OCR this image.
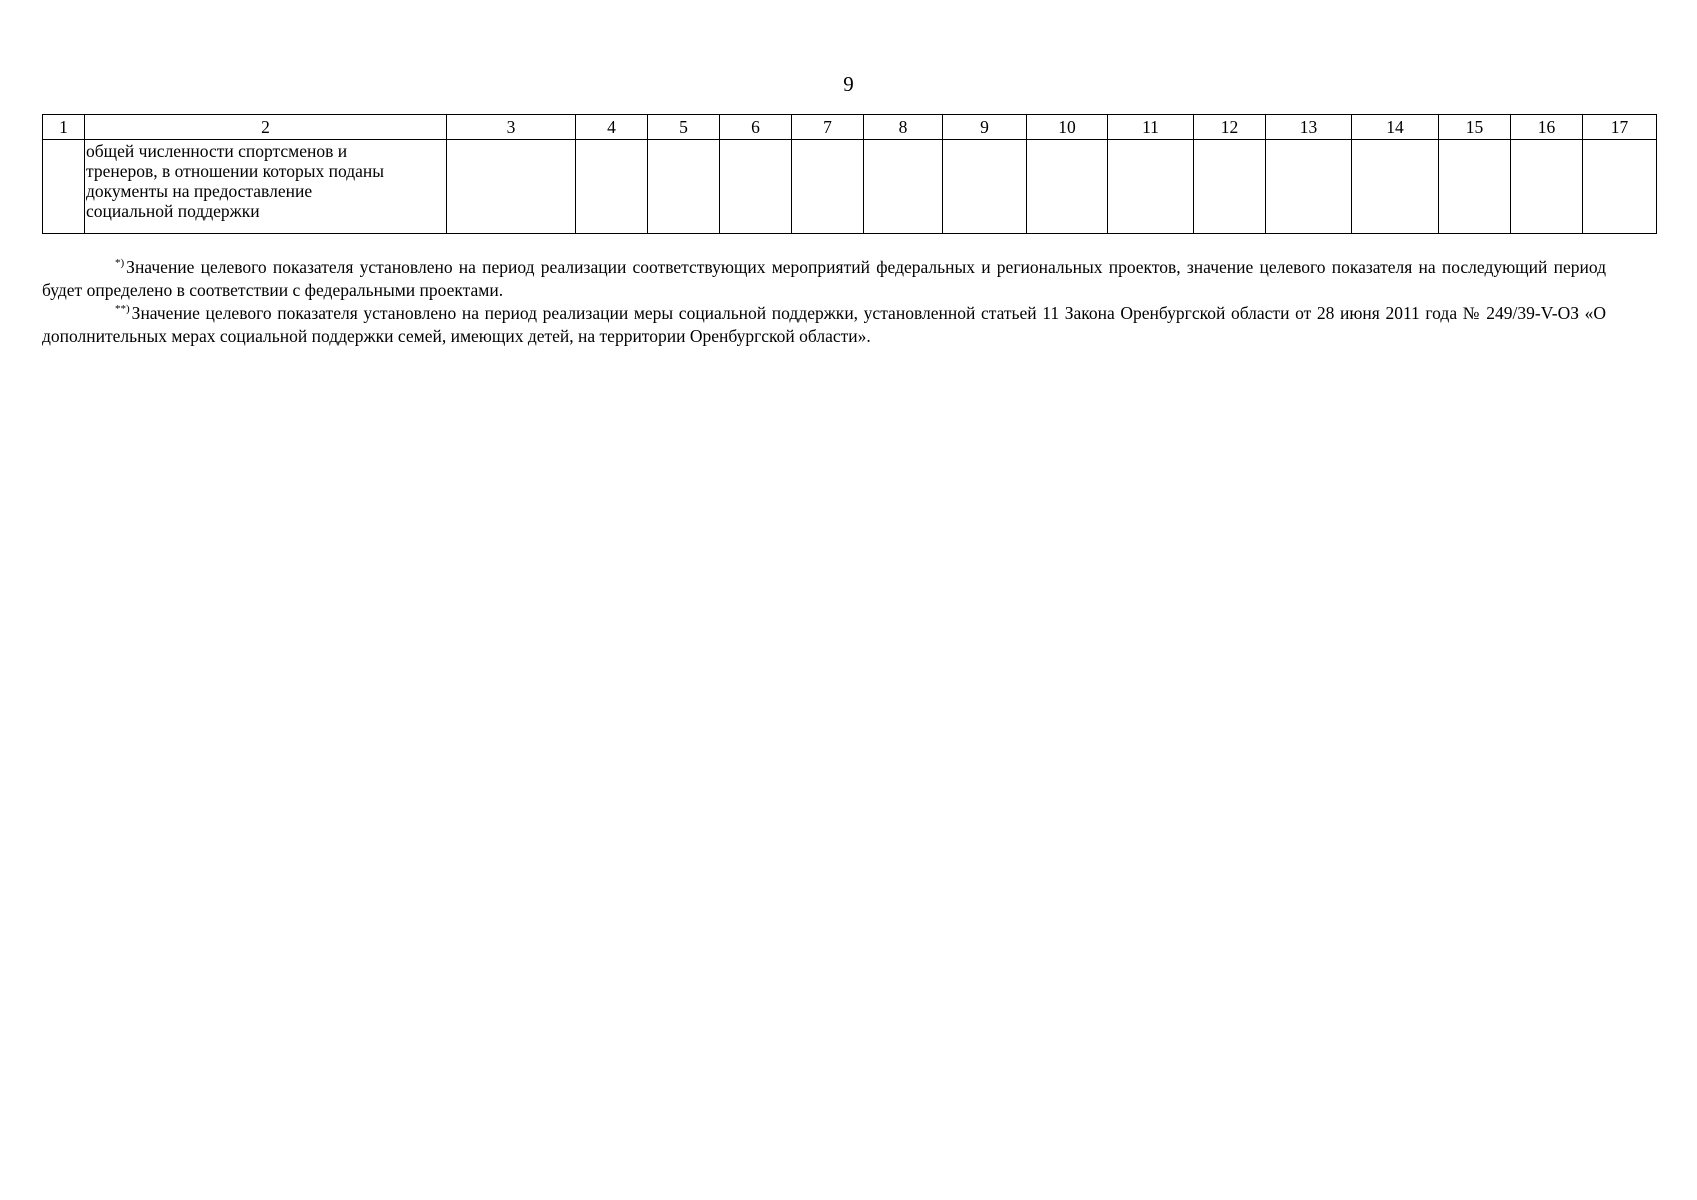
9
1	2	3	4	5	6	7	8	9	10	11	12	13	14	15	16	17

	общей численности спортсменов и
тренеров, в отношении которых поданы
документы на предоставление
социальной поддержки															

*) Значение целевого показателя установлено на период реализации соответствующих мероприятий федеральных и региональных проектов, значение целевого показателя на последующий период будет определено в соответствии с федеральными проектами.

**) Значение целевого показателя установлено на период реализации меры социальной поддержки, установленной статьей 11 Закона Оренбургской области от 28 июня 2011 года № 249/39-V-ОЗ «О дополнительных мерах социальной поддержки семей, имеющих детей, на территории Оренбургской области».
